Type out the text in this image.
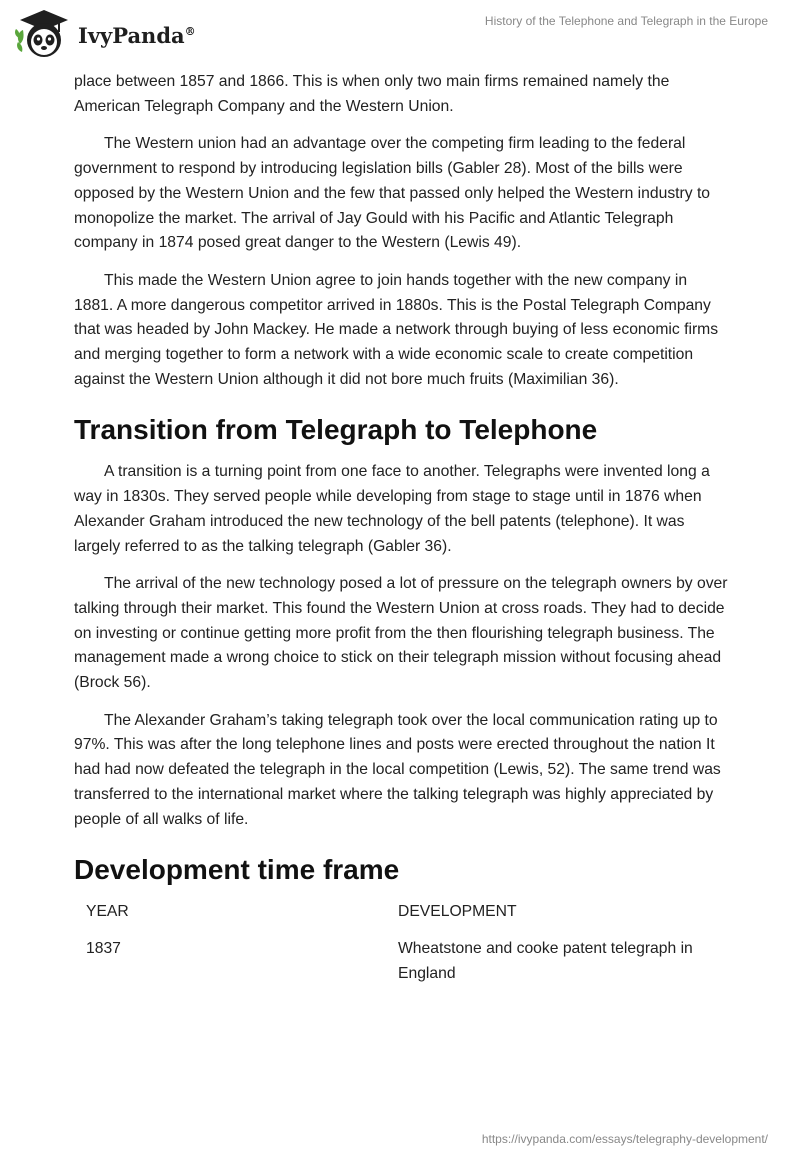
IvyPanda®
History of the Telephone and Telegraph in the Europe

place between 1857 and 1866. This is when only two main firms remained namely the American Telegraph Company and the Western Union.

The Western union had an advantage over the competing firm leading to the federal government to respond by introducing legislation bills (Gabler 28). Most of the bills were opposed by the Western Union and the few that passed only helped the Western industry to monopolize the market. The arrival of Jay Gould with his Pacific and Atlantic Telegraph company in 1874 posed great danger to the Western (Lewis 49).

This made the Western Union agree to join hands together with the new company in 1881. A more dangerous competitor arrived in 1880s. This is the Postal Telegraph Company that was headed by John Mackey. He made a network through buying of less economic firms and merging together to form a network with a wide economic scale to create competition against the Western Union although it did not bore much fruits (Maximilian 36).

Transition from Telegraph to Telephone

A transition is a turning point from one face to another. Telegraphs were invented long a way in 1830s. They served people while developing from stage to stage until in 1876 when Alexander Graham introduced the new technology of the bell patents (telephone). It was largely referred to as the talking telegraph (Gabler 36).

The arrival of the new technology posed a lot of pressure on the telegraph owners by over talking through their market. This found the Western Union at cross roads. They had to decide on investing or continue getting more profit from the then flourishing telegraph business. The management made a wrong choice to stick on their telegraph mission without focusing ahead (Brock 56).

The Alexander Graham’s taking telegraph took over the local communication rating up to 97%. This was after the long telephone lines and posts were erected throughout the nation It had had now defeated the telegraph in the local competition (Lewis, 52). The same trend was transferred to the international market where the talking telegraph was highly appreciated by people of all walks of life.

Development time frame
YEAR	DEVELOPMENT
1837	Wheatstone and cooke patent telegraph in England
https://ivypanda.com/essays/telegraphy-development/
